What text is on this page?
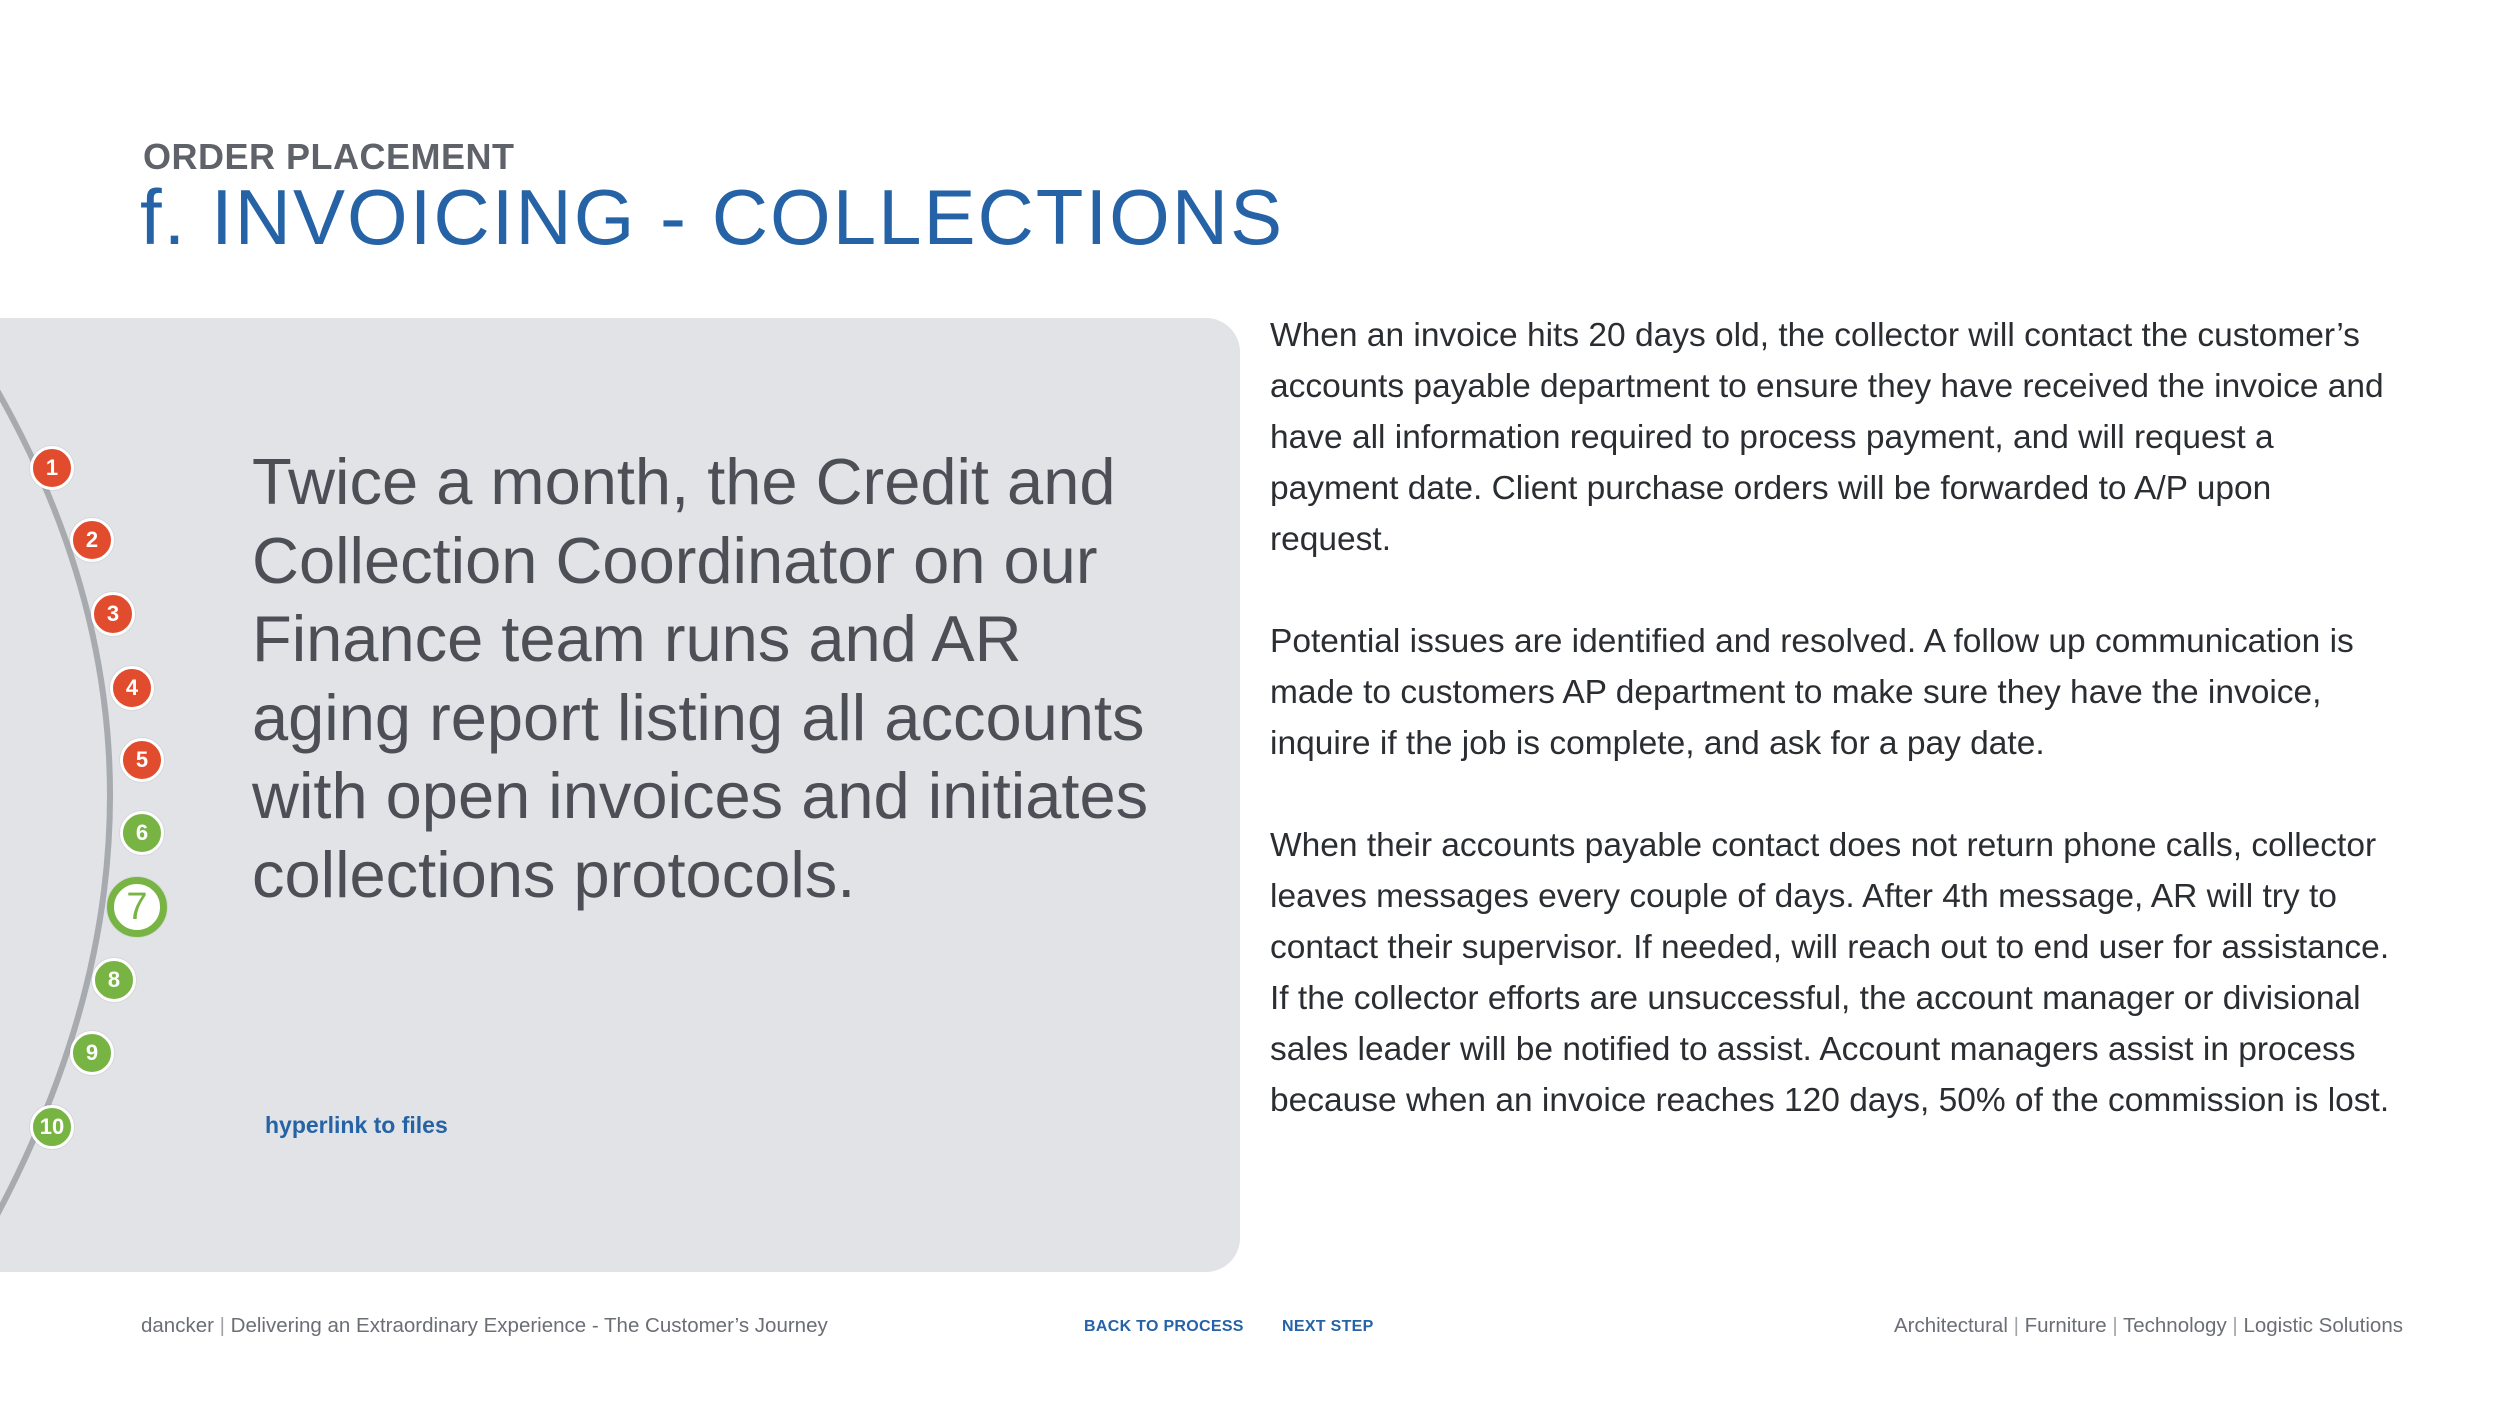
ORDER PLACEMENT
f. INVOICING - COLLECTIONS
1
2
3
4
5
6
7
8
9
10

Twice a month, the Credit and Collection Coordinator on our Finance team runs and AR aging report listing all accounts with open invoices and initiates collections protocols.

hyperlink to files

When an invoice hits 20 days old, the collector will contact the customer’s accounts payable department to ensure they have received the invoice and have all information required to process payment, and will request a payment date. Client purchase orders will be forwarded to A/P upon request.

Potential issues are identified and resolved. A follow up communication is made to customers AP department to make sure they have the invoice, inquire if the job is complete, and ask for a pay date.

When their accounts payable contact does not return phone calls, collector leaves messages every couple of days. After 4th message, AR will try to contact their supervisor. If needed, will reach out to end user for assistance. If the collector efforts are unsuccessful, the account manager or divisional sales leader will be notified to assist. Account managers assist in process because when an invoice reaches 120 days, 50% of the commission is lost.

dancker | Delivering an Extraordinary Experience - The Customer’s Journey	BACK TO PROCESS NEXT STEP	Architectural | Furniture | Technology | Logistic Solutions
